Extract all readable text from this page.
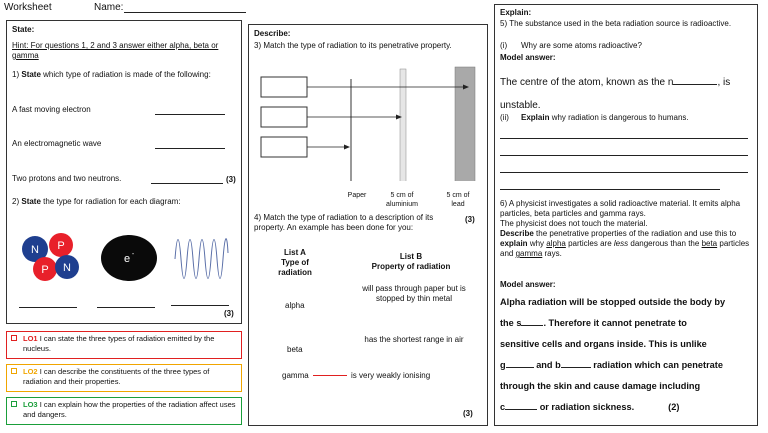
Worksheet	Name:
State:
Hint: For questions 1, 2 and 3 answer either alpha, beta or gamma
1) State which type of radiation is made of the following:
A fast moving electron
An electromagnetic wave
Two protons and two neutrons.	(3)
2) State the type for radiation for each diagram:
N P
P N
e -
(3)
LO1 I can state the three types of radiation emitted by the nucleus.
LO2 I can describe the constituents of the three types of radiation and their properties.
LO3 I can explain how the properties of the radiation affect uses and dangers.
Describe:
3) Match the type of radiation to its penetrative property.
Paper	5 cm of aluminium
5 cm of lead
(3)
4) Match the type of radiation to a description of its property. An example has been done for you:
List A
Type of radiation
List B
Property of radiation
alpha
will pass through paper but is stopped by thin metal
beta
has the shortest range in air
gamma	is very weakly ionising
(3)
Explain:
5) The substance used in the beta radiation source is radioactive.
(i) Why are some atoms radioactive?
Model answer:
The centre of the atom, known as the n	, is unstable.
(ii) Explain why radiation is dangerous to humans.
6) A physicist investigates a solid radioactive material. It emits alpha particles, beta particles and gamma rays.
The physicist does not touch the material.
Describe the penetrative properties of the radiation and use this to explain why alpha particles are less dangerous than the beta particles and gamma rays.
Model answer:
Alpha radiation will be stopped outside the body by
the s . Therefore it cannot penetrate to
sensitive cells and organs inside. This is unlike
g	and b	radiation which can penetrate
through the skin and cause damage including
c	or radiation sickness.	(2)
